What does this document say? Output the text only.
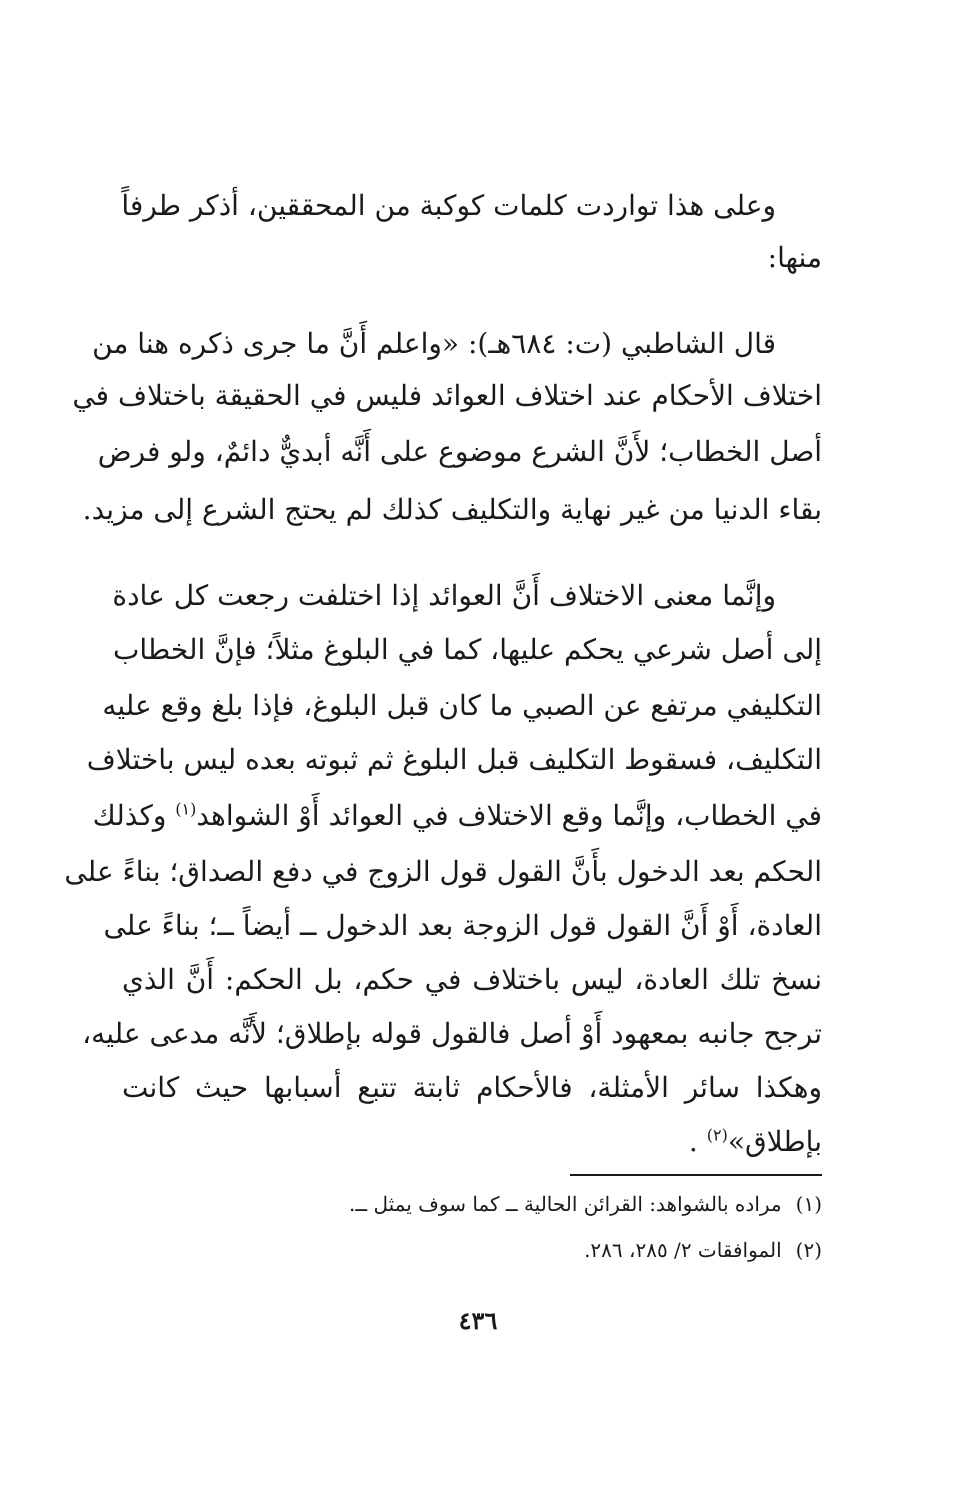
وعلى هذا تواردت كلمات كوكبة من المحققين، أذكر طرفاً
منها:
قال الشاطبي (ت: ٦٨٤هـ): «واعلم أَنَّ ما جرى ذكره هنا من
اختلاف الأحكام عند اختلاف العوائد فليس في الحقيقة باختلاف في
أصل الخطاب؛ لأَنَّ الشرع موضوع على أَنَّه أبديٌّ دائمٌ، ولو فرض
بقاء الدنيا من غير نهاية والتكليف كذلك لم يحتج الشرع إلى مزيد.
وإنَّما معنى الاختلاف أَنَّ العوائد إذا اختلفت رجعت كل عادة
إلى أصل شرعي يحكم عليها، كما في البلوغ مثلاً؛ فإنَّ الخطاب
التكليفي مرتفع عن الصبي ما كان قبل البلوغ، فإذا بلغ وقع عليه
التكليف، فسقوط التكليف قبل البلوغ ثم ثبوته بعده ليس باختلاف
في الخطاب، وإنَّما وقع الاختلاف في العوائد أَوْ الشواهد$^{(١)}$ وكذلك
الحكم بعد الدخول بأَنَّ القول قول الزوج في دفع الصداق؛ بناءً على
العادة، أَوْ أَنَّ القول قول الزوجة بعد الدخول ــ أيضاً ــ؛ بناءً على
نسخ تلك العادة، ليس باختلاف في حكم، بل الحكم: أَنَّ الذي
ترجح جانبه بمعهود أَوْ أصل فالقول قوله بإطلاق؛ لأَنَّه مدعى عليه،
وهكذا سائر الأمثلة، فالأحكام ثابتة تتبع أسبابها حيث كانت
بإطلاق»$^{(٢)}$ .
(١)مراده بالشواهد: القرائن الحالية ــ كما سوف يمثل ــ.
(٢)الموافقات ٢/ ٢٨٥، ٢٨٦.
٤٣٦
